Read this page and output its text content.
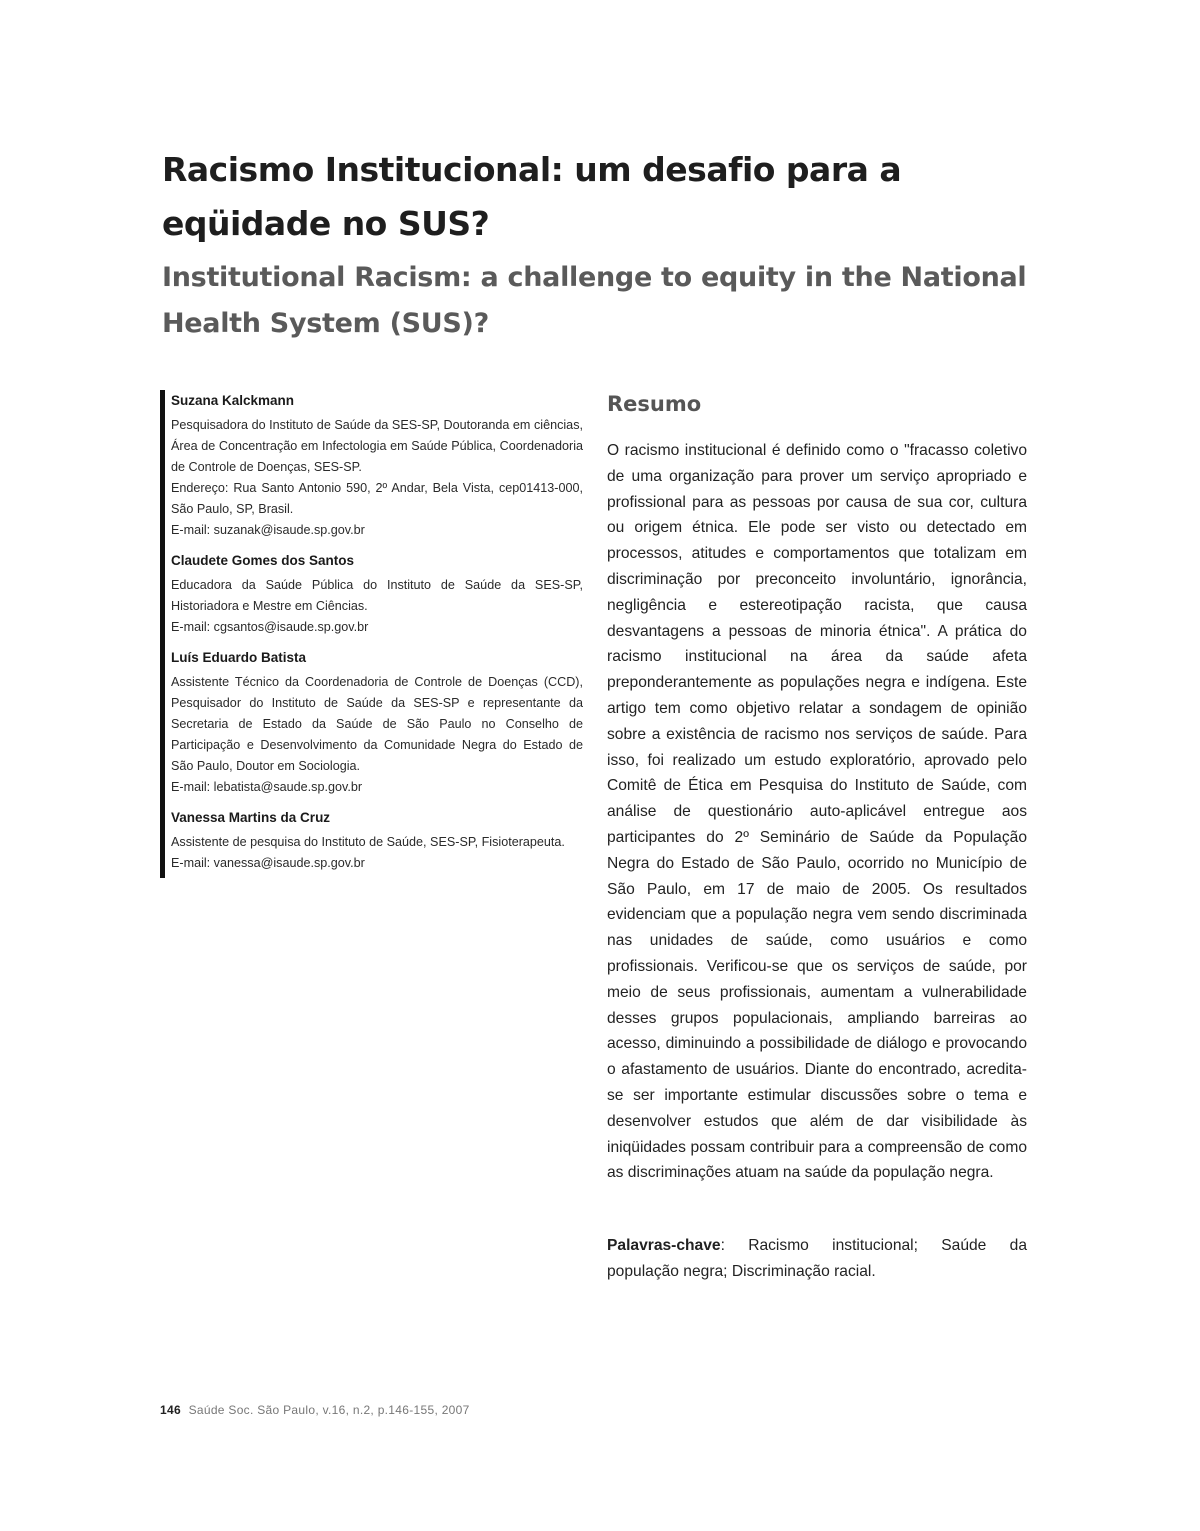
Racismo Institucional: um desafio para a eqüidade no SUS?
Institutional Racism: a challenge to equity in the National Health System (SUS)?
Suzana Kalckmann
Pesquisadora do Instituto de Saúde da SES-SP, Doutoranda em ciências, Área de Concentração em Infectologia em Saúde Pública, Coordenadoria de Controle de Doenças, SES-SP.
Endereço: Rua Santo Antonio 590, 2º Andar, Bela Vista, cep01413-000, São Paulo, SP, Brasil.
E-mail: suzanak@isaude.sp.gov.br
Claudete Gomes dos Santos
Educadora da Saúde Pública do Instituto de Saúde da SES-SP, Historiadora e Mestre em Ciências.
E-mail: cgsantos@isaude.sp.gov.br
Luís Eduardo Batista
Assistente Técnico da Coordenadoria de Controle de Doenças (CCD), Pesquisador do Instituto de Saúde da SES-SP e representante da Secretaria de Estado da Saúde de São Paulo no Conselho de Participação e Desenvolvimento da Comunidade Negra do Estado de São Paulo, Doutor em Sociologia.
E-mail: lebatista@saude.sp.gov.br
Vanessa Martins da Cruz
Assistente de pesquisa do Instituto de Saúde, SES-SP, Fisioterapeuta.
E-mail: vanessa@isaude.sp.gov.br
Resumo

O racismo institucional é definido como o "fracasso coletivo de uma organização para prover um serviço apropriado e profissional para as pessoas por causa de sua cor, cultura ou origem étnica. Ele pode ser visto ou detectado em processos, atitudes e comportamentos que totalizam em discriminação por preconceito involuntário, ignorância, negligência e estereotipação racista, que causa desvantagens a pessoas de minoria étnica". A prática do racismo institucional na área da saúde afeta preponderantemente as populações negra e indígena. Este artigo tem como objetivo relatar a sondagem de opinião sobre a existência de racismo nos serviços de saúde. Para isso, foi realizado um estudo exploratório, aprovado pelo Comitê de Ética em Pesquisa do Instituto de Saúde, com análise de questionário auto-aplicável entregue aos participantes do 2º Seminário de Saúde da População Negra do Estado de São Paulo, ocorrido no Município de São Paulo, em 17 de maio de 2005. Os resultados evidenciam que a população negra vem sendo discriminada nas unidades de saúde, como usuários e como profissionais. Verificou-se que os serviços de saúde, por meio de seus profissionais, aumentam a vulnerabilidade desses grupos populacionais, ampliando barreiras ao acesso, diminuindo a possibilidade de diálogo e provocando o afastamento de usuários. Diante do encontrado, acredita-se ser importante estimular discussões sobre o tema e desenvolver estudos que além de dar visibilidade às iniqüidades possam contribuir para a compreensão de como as discriminações atuam na saúde da população negra.

Palavras-chave: Racismo institucional; Saúde da população negra; Discriminação racial.

146 Saúde Soc. São Paulo, v.16, n.2, p.146-155, 2007
